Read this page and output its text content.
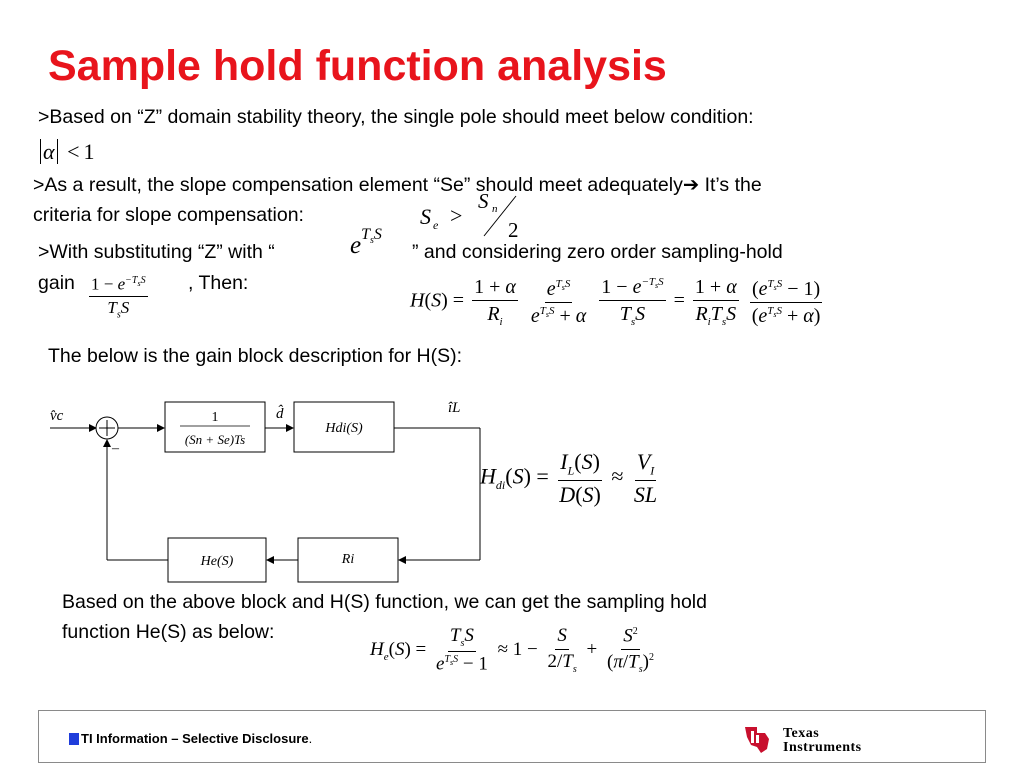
Sample hold function analysis
>Based on “Z” domain stability theory, the single pole should meet below condition:
α < 1
>As a result, the slope compensation element “Se” should meet adequately➔ It’s the
criteria for slope compensation:	S e >
S n
2
>With substituting “Z” with “	$e^{T_sS}$
” and considering zero order sampling-hold
gain $\frac{1 - e^{-T_sS}}{T_sS}$ , Then:
$H(S) = \frac{1 + \alpha}{R_i}$
$\frac{e^{T_sS}}{e^{T_sS} + \alpha}$
$\frac{1 - e^{-T_sS}}{T_sS} = \frac{1 + \alpha}{R_iT_sS}$
$\frac{(e^{T_sS} - 1)}{(e^{T_sS} + \alpha)}$
The below is the gain block description for H(S):
v̂c
–
1
(Sn + Se)Ts
d̂
Hdi(S)
îL
Ri
He(S)
$H_{di}(S) = \frac{I_L(S)}{D(S)} \approx \frac{V_I}{SL}$
Based on the above block and H(S) function, we can get the sampling hold
function He(S) as below:
$H_e(S) = \frac{T_sS}{e^{T_sS} - 1} \approx 1 - \frac{S}{2/T_s} + \frac{S^2}{(\pi/T_s)^2}$
TI Information – Selective Disclosure.	Texas
Instruments
